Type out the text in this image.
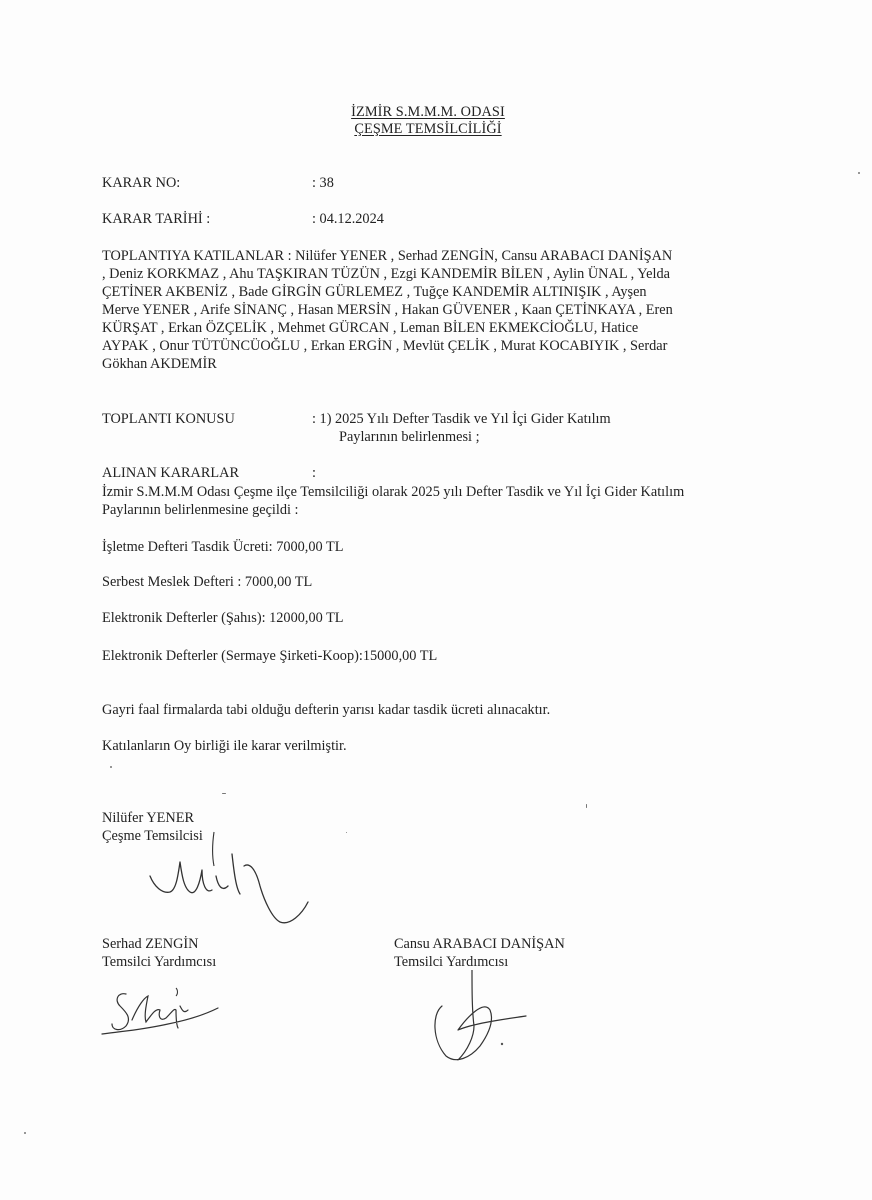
İZMİR S.M.M.M. ODASI
ÇEŞME TEMSİLCİLİĞİ
KARAR NO:	: 38
KARAR TARİHİ :	: 04.12.2024
TOPLANTIYA KATILANLAR : Nilüfer YENER , Serhad ZENGİN, Cansu ARABACI DANİŞAN
, Deniz KORKMAZ , Ahu TAŞKIRAN TÜZÜN , Ezgi KANDEMİR BİLEN , Aylin ÜNAL , Yelda
ÇETİNER AKBENİZ , Bade GİRGİN GÜRLEMEZ , Tuğçe KANDEMİR ALTINIŞIK , Ayşen
Merve YENER , Arife SİNANÇ , Hasan MERSİN , Hakan GÜVENER , Kaan ÇETİNKAYA , Eren
KÜRŞAT , Erkan ÖZÇELİK , Mehmet GÜRCAN , Leman BİLEN EKMEKCİOĞLU, Hatice
AYPAK , Onur TÜTÜNCÜOĞLU , Erkan ERGİN , Mevlüt ÇELİK , Murat KOCABIYIK , Serdar
Gökhan AKDEMİR
TOPLANTI KONUSU	: 1) 2025 Yılı Defter Tasdik ve Yıl İçi Gider Katılım
Paylarının belirlenmesi ;
ALINAN KARARLAR	:
İzmir S.M.M.M Odası Çeşme ilçe Temsilciliği olarak 2025 yılı Defter Tasdik ve Yıl İçi Gider Katılım
Paylarının belirlenmesine geçildi :
İşletme Defteri Tasdik Ücreti: 7000,00 TL
Serbest Meslek Defteri : 7000,00 TL
Elektronik Defterler (Şahıs): 12000,00 TL
Elektronik Defterler (Sermaye Şirketi-Koop):15000,00 TL
Gayri faal firmalarda tabi olduğu defterin yarısı kadar tasdik ücreti alınacaktır.
Katılanların Oy birliği ile karar verilmiştir.
Nilüfer YENER
Çeşme Temsilcisi
Serhad ZENGİN
Temsilci Yardımcısı
Cansu ARABACI DANİŞAN
Temsilci Yardımcısı
